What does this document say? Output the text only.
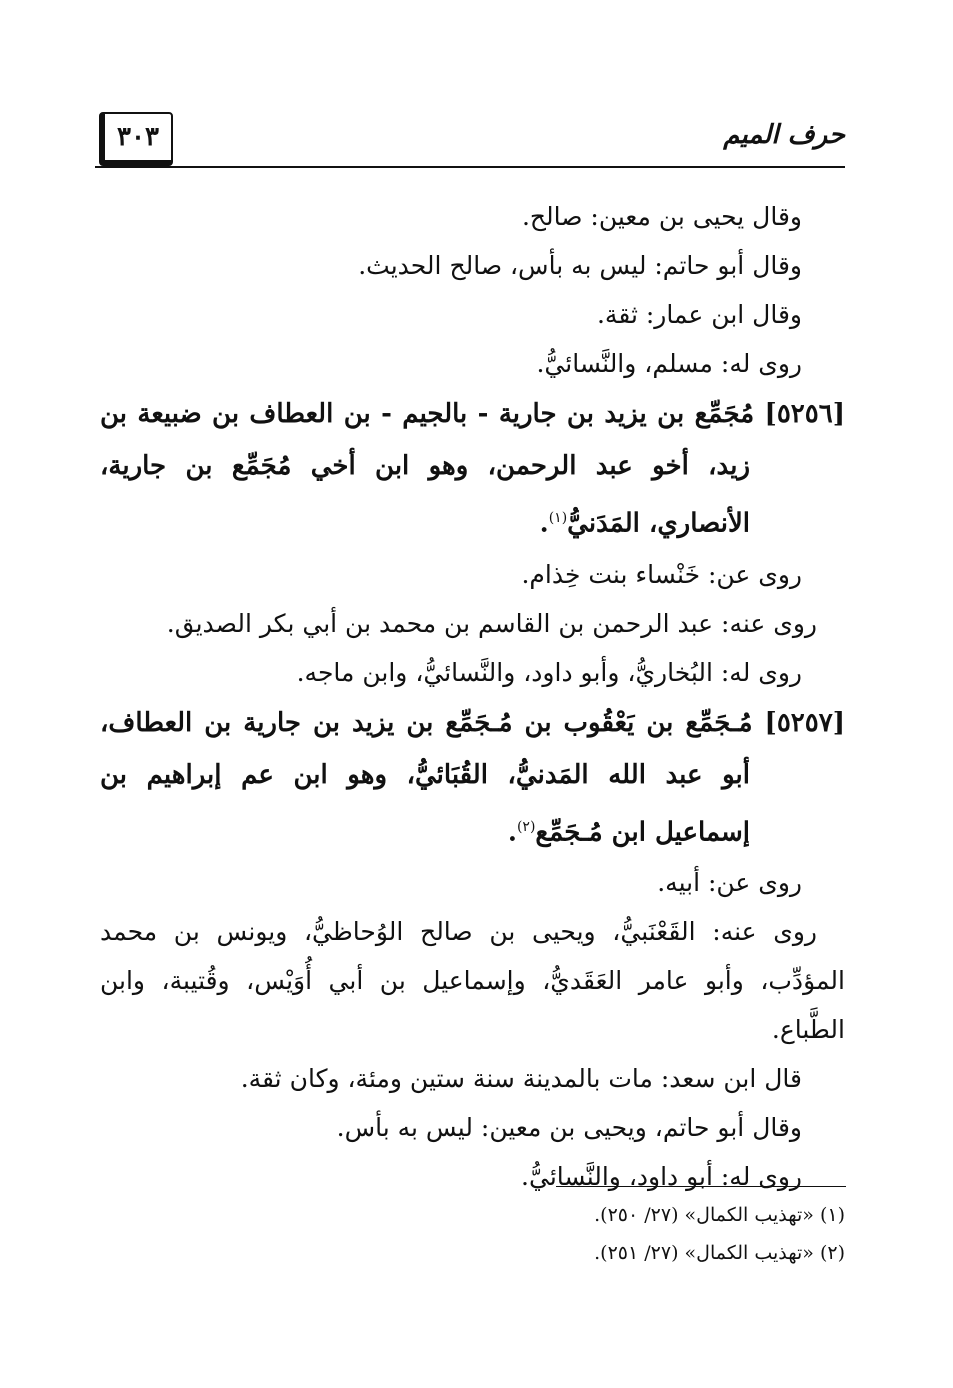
٣٠٣	حرف الميم

وقال يحيى بن معين: صالح.

وقال أبو حاتم: ليس به بأس، صالح الحديث.

وقال ابن عمار: ثقة.

روى له: مسلم، والنَّسائيُّ.

[٥٢٥٦] مُجَمِّع بن يزيد بن جارية - بالجيم - بن العطاف بن ضبيعة بن زيد، أخو عبد الرحمن، وهو ابن أخي مُجَمِّع بن جارية، الأنصاري، المَدَنيُّ$^{(١)}$.

روى عن: خَنْساء بنت خِذام.

روى عنه: عبد الرحمن بن القاسم بن محمد بن أبي بكر الصديق.

روى له: البُخاريُّ، وأبو داود، والنَّسائيُّ، وابن ماجه.

[٥٢٥٧] مُـجَمِّع بن يَعْقُوب بن مُـجَمِّع بن يزيد بن جارية بن العطاف، أبو عبد الله المَدنيُّ، القُبَائيُّ، وهو ابن عم إبراهيم بن إسماعيل ابن مُـجَمِّع$^{(٢)}$.

روى عن: أبيه.

روى عنه: القَعْنَبيُّ، ويحيى بن صالح الوُحاظيُّ، ويونس بن محمد المؤدِّب، وأبو عامر العَقَديُّ، وإسماعيل بن أبي أُوَيْس، وقُتيبة، وابن الطَّباع.

قال ابن سعد: مات بالمدينة سنة ستين ومئة، وكان ثقة.

وقال أبو حاتم، ويحيى بن معين: ليس به بأس.

روى له: أبو داود، والنَّسائيُّ.

(١) «تهذيب الكمال» (٢٧/ ٢٥٠).

(٢) «تهذيب الكمال» (٢٧/ ٢٥١).
